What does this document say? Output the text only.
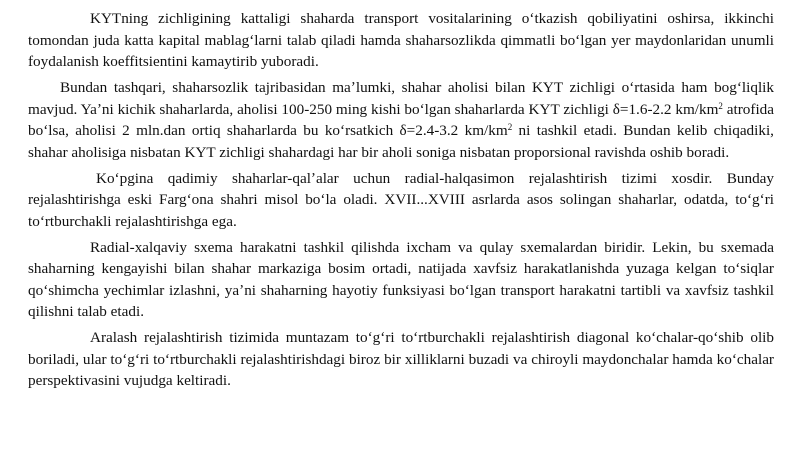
KYTning zichligining kattaligi shaharda transport vositalarining oʻtkazish qobiliyatini oshirsa, ikkinchi tomondan juda katta kapital mablagʻlarni talab qiladi hamda shaharsozlikda qimmatli boʻlgan yer maydonlaridan unumli foydalanish koeffitsientini kamaytirib yuboradi.

Bundan tashqari, shaharsozlik tajribasidan maʼlumki, shahar aholisi bilan KYT zichligi oʻrtasida ham bogʻliqlik mavjud. Yaʼni kichik shaharlarda, aholisi 100-250 ming kishi boʻlgan shaharlarda KYT zichligi δ=1.6-2.2 $km/km^2$ atrofida boʻlsa, aholisi 2 mln.dan ortiq shaharlarda bu koʻrsatkich δ=2.4-3.2 $km/km^2$ ni tashkil etadi. Bundan kelib chiqadiki, shahar aholisiga nisbatan KYT zichligi shahardagi har bir aholi soniga nisbatan proporsional ravishda oshib boradi.

Koʻpgina qadimiy shaharlar-qalʼalar uchun radial-halqasimon rejalashtirish tizimi xosdir. Bunday rejalashtirishga eski Fargʻona shahri misol boʻla oladi. XVII...XVIII asrlarda asos solingan shaharlar, odatda, toʻgʻri toʻrtburchakli rejalashtirishga ega.

Radial-xalqaviy sxema harakatni tashkil qilishda ixcham va qulay sxemalardan biridir. Lekin, bu sxemada shaharning kengayishi bilan shahar markaziga bosim ortadi, natijada xavfsiz harakatlanishda yuzaga kelgan toʻsiqlar qoʻshimcha yechimlar izlashni, yaʼni shaharning hayotiy funksiyasi boʻlgan transport harakatni tartibli va xavfsiz tashkil qilishni talab etadi.

Aralash rejalashtirish tizimida muntazam toʻgʻri toʻrtburchakli rejalashtirish diagonal koʻchalar-qoʻshib olib boriladi, ular toʻgʻri toʻrtburchakli rejalashtirishdagi biroz bir xilliklarni buzadi va chiroyli maydonchalar hamda koʻchalar perspektivasini vujudga keltiradi.
